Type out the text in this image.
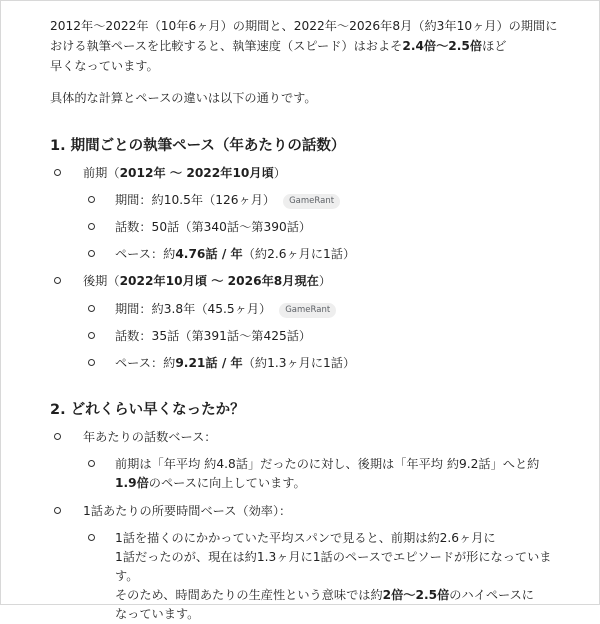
2012年〜2022年（10年6ヶ月）の期間と、2022年〜2026年8月（約3年10ヶ月）の期間に
おける執筆ペースを比較すると、執筆速度（スピード）はおよそ2.4倍〜2.5倍ほど
早くなっています。
具体的な計算とペースの違いは以下の通りです。
1. 期間ごとの執筆ペース（年あたりの話数）
前期（2012年 〜 2022年10月頃）
期間：約10.5年（126ヶ月） GameRant
話数：50話（第340話〜第390話）
ペース：約4.76話 / 年（約2.6ヶ月に1話）
後期（2022年10月頃 〜 2026年8月現在）
期間：約3.8年（45.5ヶ月） GameRant
話数：35話（第391話〜第425話）
ペース：約9.21話 / 年（約1.3ヶ月に1話）
2. どれくらい早くなったか？
年あたりの話数ベース：
前期は「年平均 約4.8話」だったのに対し、後期は「年平均 約9.2話」へと約
1.9倍のペースに向上しています。
1話あたりの所要時間ベース（効率）：
1話を描くのにかかっていた平均スパンで見ると、前期は約2.6ヶ月に
1話だったのが、現在は約1.3ヶ月に1話のペースでエピソードが形になっています。
そのため、時間あたりの生産性という意味では約2倍〜2.5倍のハイペースに
なっています。
